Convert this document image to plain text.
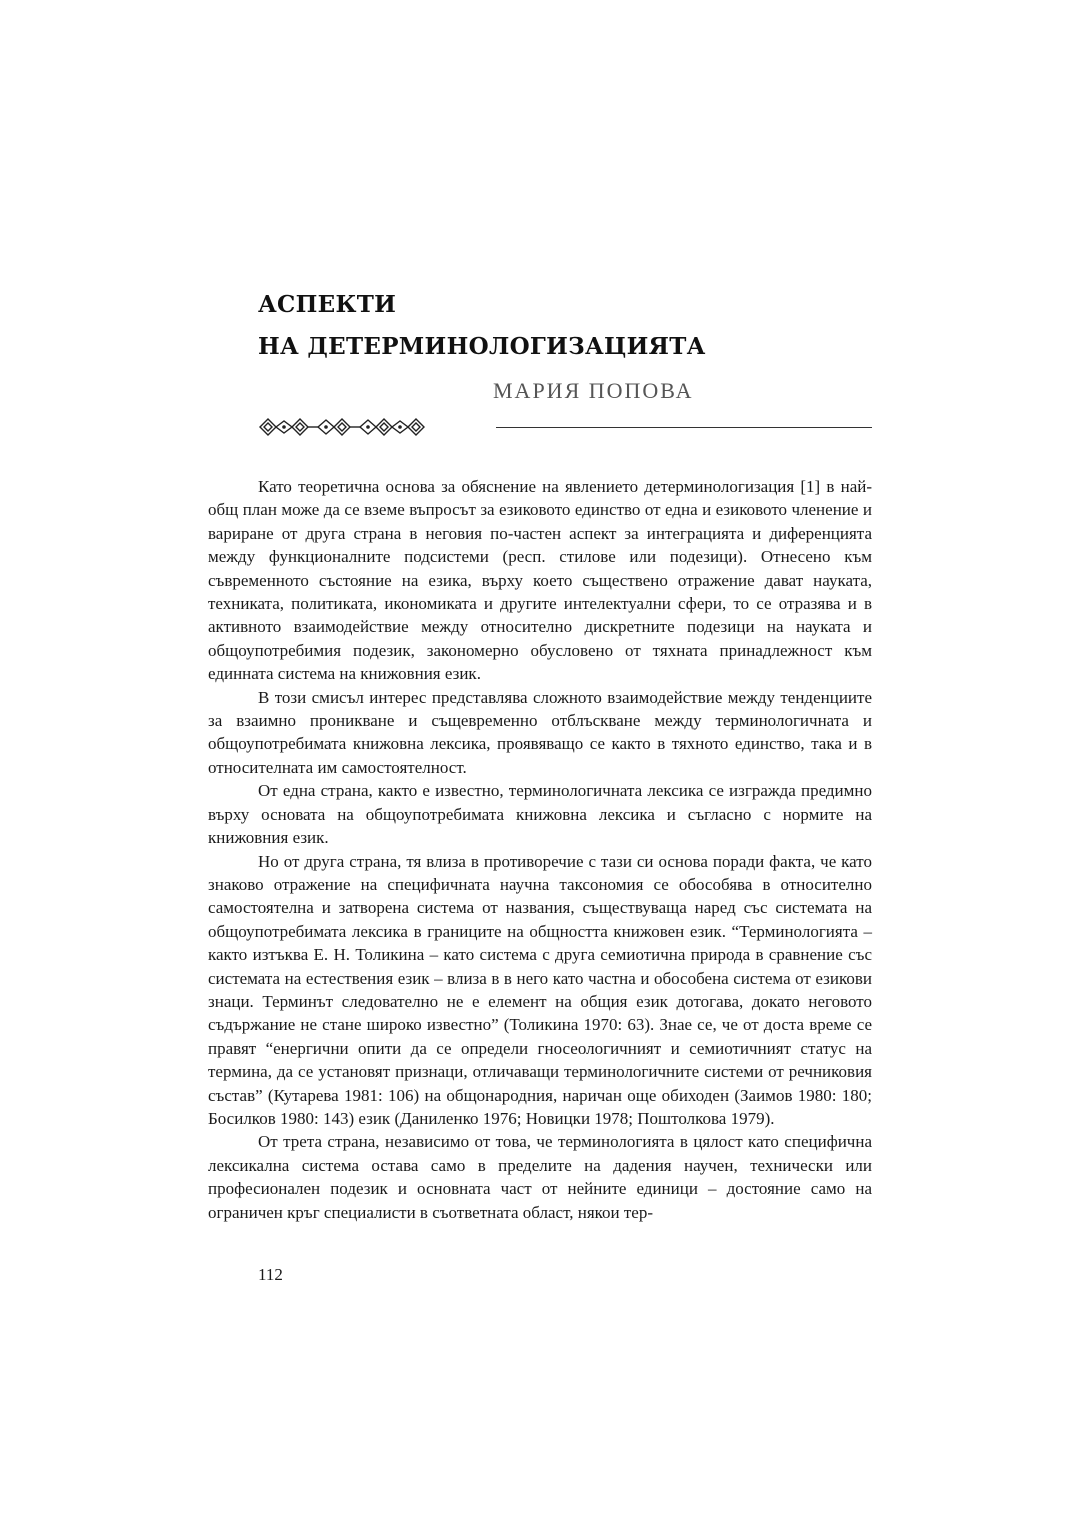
АСПЕКТИ
НА ДЕТЕРМИНОЛОГИЗАЦИЯТА
МАРИЯ ПОПОВА

Като теоретична основа за обяснение на явлението детерминологизация [1] в най-общ план може да се вземе въпросът за езиковото единство от една и езиковото членение и вариране от друга страна в неговия по-частен аспект за интеграцията и диференцията между функционалните подсистеми (респ. стилове или подезици). Отнесено към съвременното състояние на езика, върху което съществено отражение дават науката, техниката, политиката, икономиката и другите интелектуални сфери, то се отразява и в активното взаимодействие между относително дискретните подезици на науката и общоупотребимия подезик, закономерно обусловено от тяхната принадлежност към единната система на книжовния език.

В този смисъл интерес представлява сложното взаимодействие между тенденциите за взаимно проникване и същевременно отблъскване между терминологичната и общоупотребимата книжовна лексика, проявяващо се както в тяхното единство, така и в относителната им самостоятелност.

От една страна, както е известно, терминологичната лексика се изгражда предимно върху основата на общоупотребимата книжовна лексика и съгласно с нормите на книжовния език.

Но от друга страна, тя влиза в противоречие с тази си основа поради факта, че като знаково отражение на специфичната научна таксономия се обособява в относително самостоятелна и затворена система от названия, съществуваща наред със системата на общоупотребимата лексика в границите на общността книжовен език. “Терминологията – както изтъква Е. Н. Толикина – като система с друга семиотична природа в сравнение със системата на естествения език – влиза в в него като частна и обособена система от езикови знаци. Терминът следователно не е елемент на общия език дотогава, докато неговото съдържание не стане широко известно” (Толикина 1970: 63). Знае се, че от доста време се правят “енергични опити да се определи гносеологичният и семиотичният статус на термина, да се установят признаци, отличаващи терминологичните системи от речниковия състав” (Кутарева 1981: 106) на общонародния, наричан още обиходен (Заимов 1980: 180; Босилков 1980: 143) език (Даниленко 1976; Новицки 1978; Поштолкова 1979).

От трета страна, независимо от това, че терминологията в цялост като специфична лексикална система остава само в пределите на дадения научен, технически или професионален подезик и основната част от нейните единици – достояние само на ограничен кръг специалисти в съответната област, някои тер-

112
